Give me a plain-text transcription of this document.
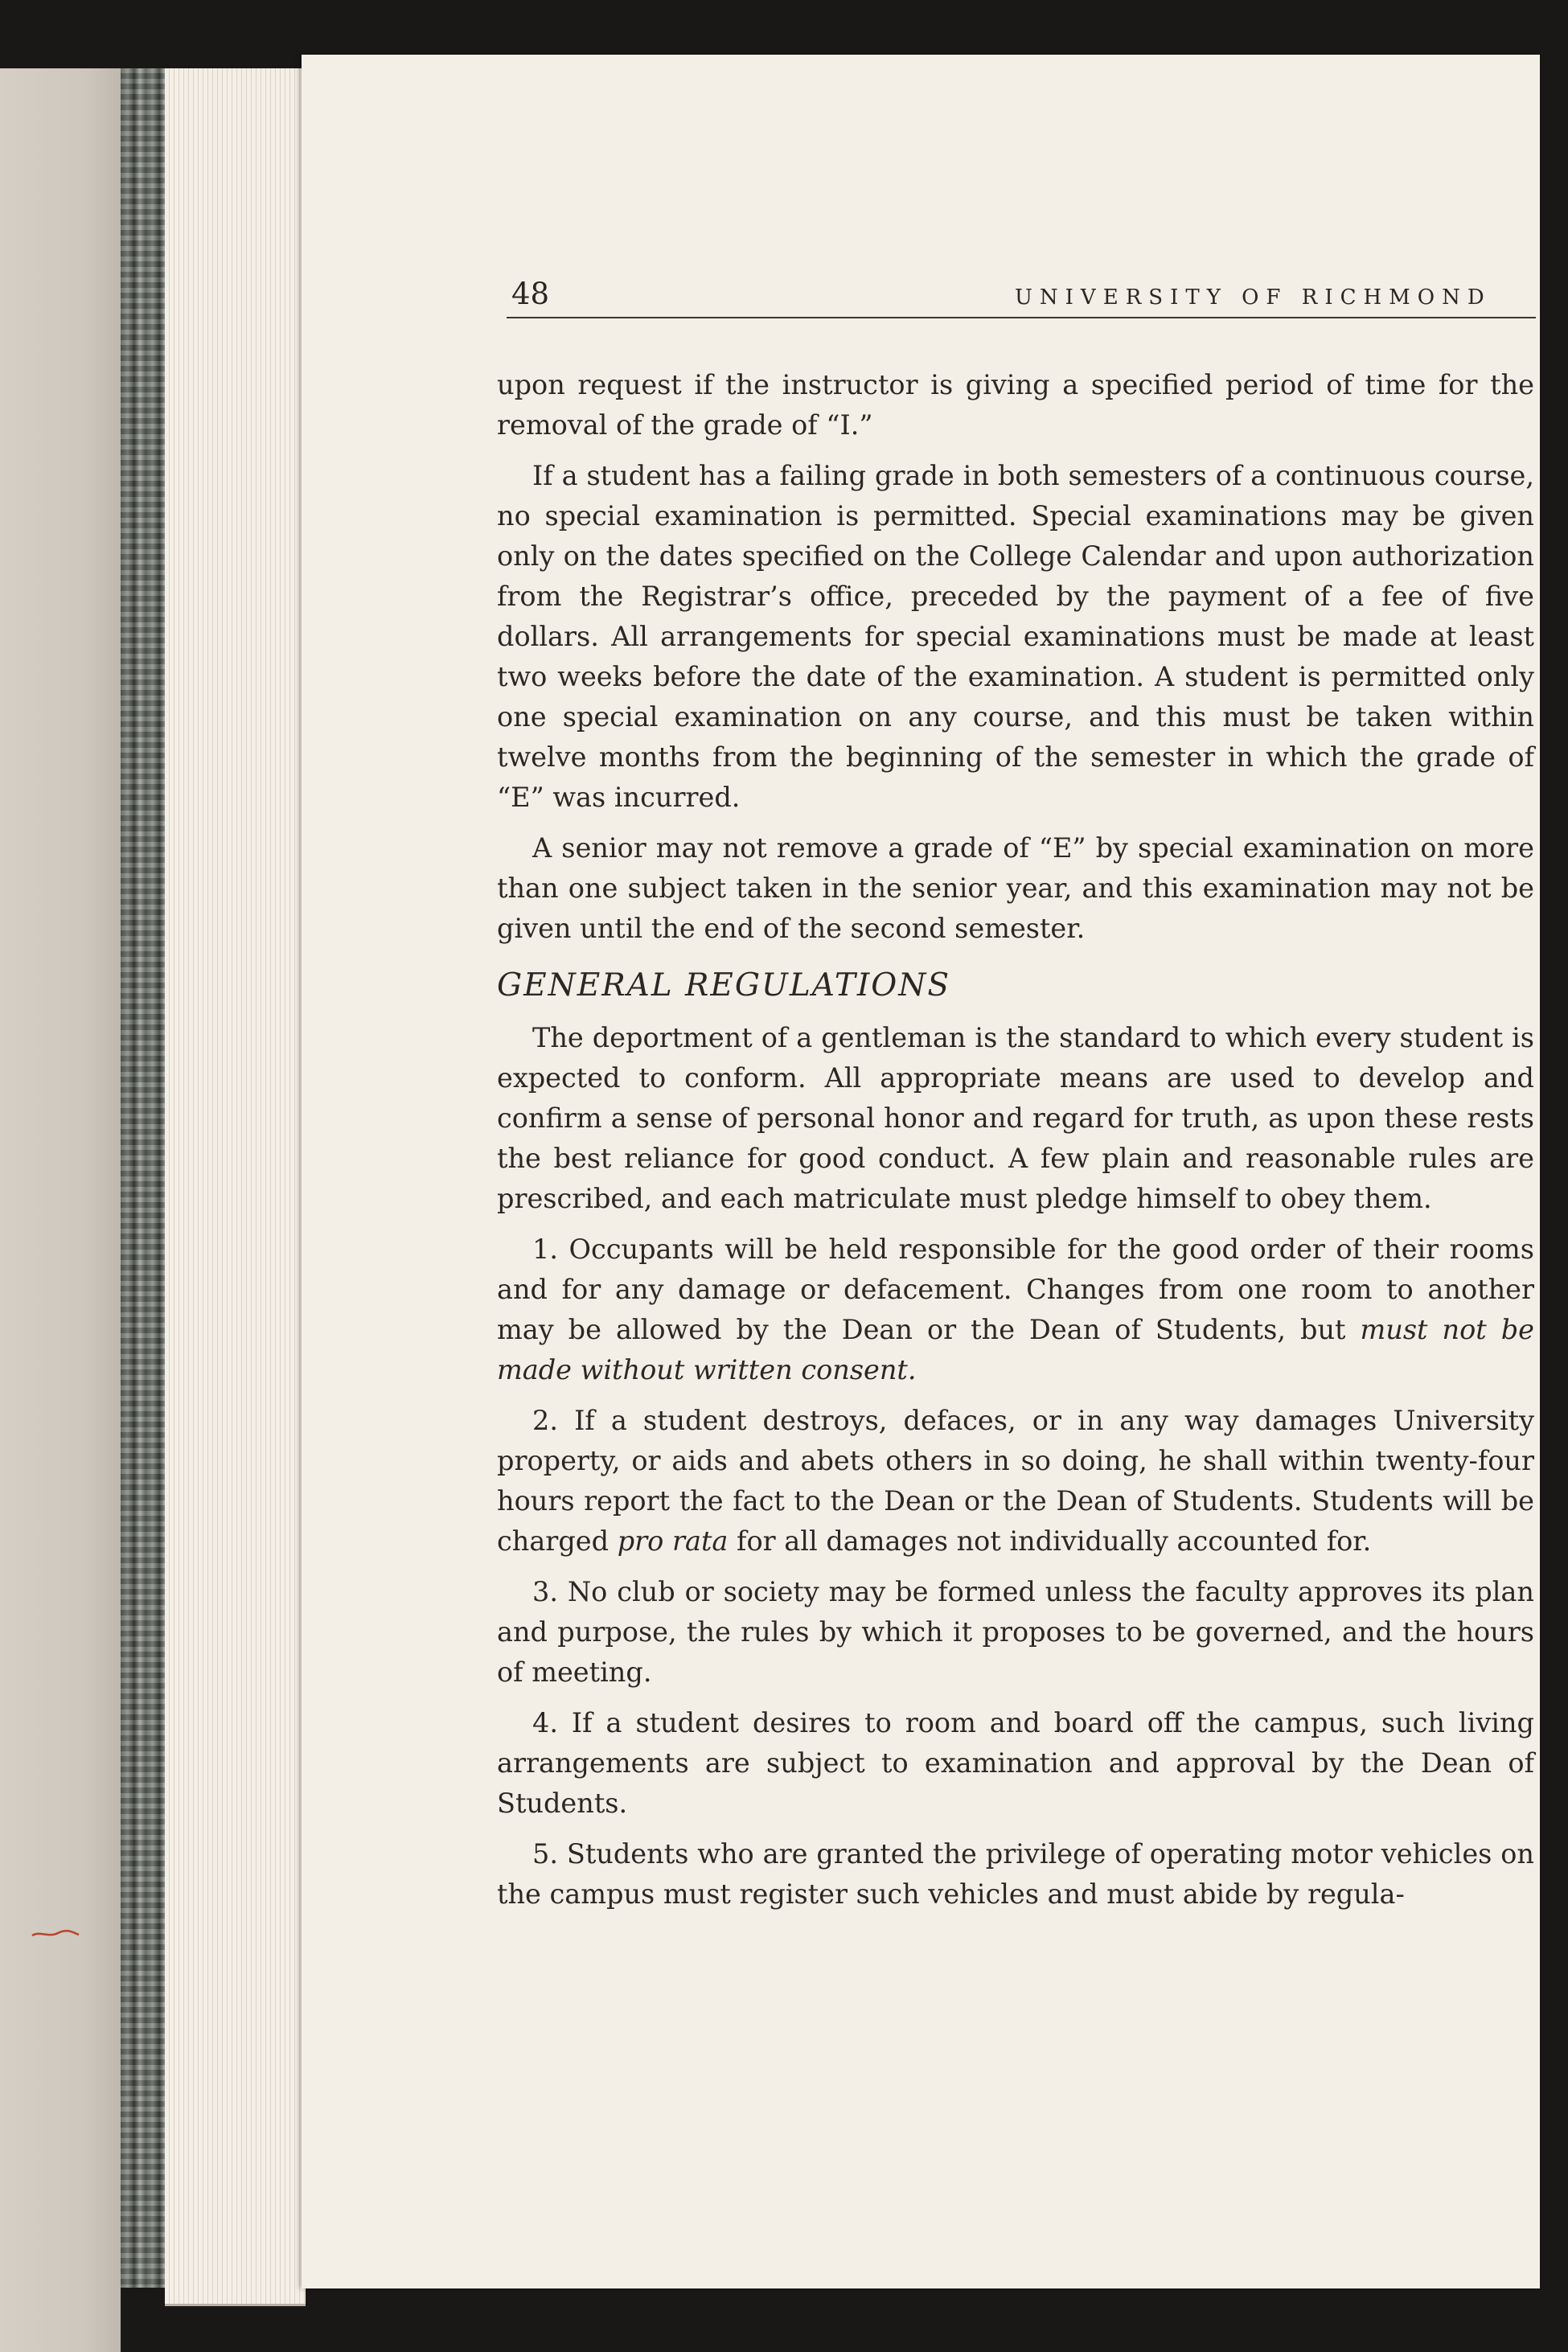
48	UNIVERSITY OF RICHMOND

upon request if the instructor is giving a specified period of time for the removal of the grade of “I.”

If a student has a failing grade in both semesters of a continuous course, no special examination is permitted. Special examinations may be given only on the dates specified on the College Calendar and upon authorization from the Registrar’s office, preceded by the payment of a fee of five dollars. All arrangements for special examinations must be made at least two weeks before the date of the examination. A student is permitted only one special examination on any course, and this must be taken within twelve months from the beginning of the semester in which the grade of “E” was incurred.

A senior may not remove a grade of “E” by special examination on more than one subject taken in the senior year, and this examination may not be given until the end of the second semester.

GENERAL REGULATIONS

The deportment of a gentleman is the standard to which every student is expected to conform. All appropriate means are used to develop and confirm a sense of personal honor and regard for truth, as upon these rests the best reliance for good conduct. A few plain and reasonable rules are prescribed, and each matriculate must pledge himself to obey them.

1. Occupants will be held responsible for the good order of their rooms and for any damage or defacement. Changes from one room to another may be allowed by the Dean or the Dean of Students, but must not be made without written consent.

2. If a student destroys, defaces, or in any way damages University property, or aids and abets others in so doing, he shall within twenty-four hours report the fact to the Dean or the Dean of Students. Students will be charged pro rata for all damages not individually accounted for.

3. No club or society may be formed unless the faculty approves its plan and purpose, the rules by which it proposes to be governed, and the hours of meeting.

4. If a student desires to room and board off the campus, such living arrangements are subject to examination and approval by the Dean of Students.

5. Students who are granted the privilege of operating motor vehicles on the campus must register such vehicles and must abide by regula-
